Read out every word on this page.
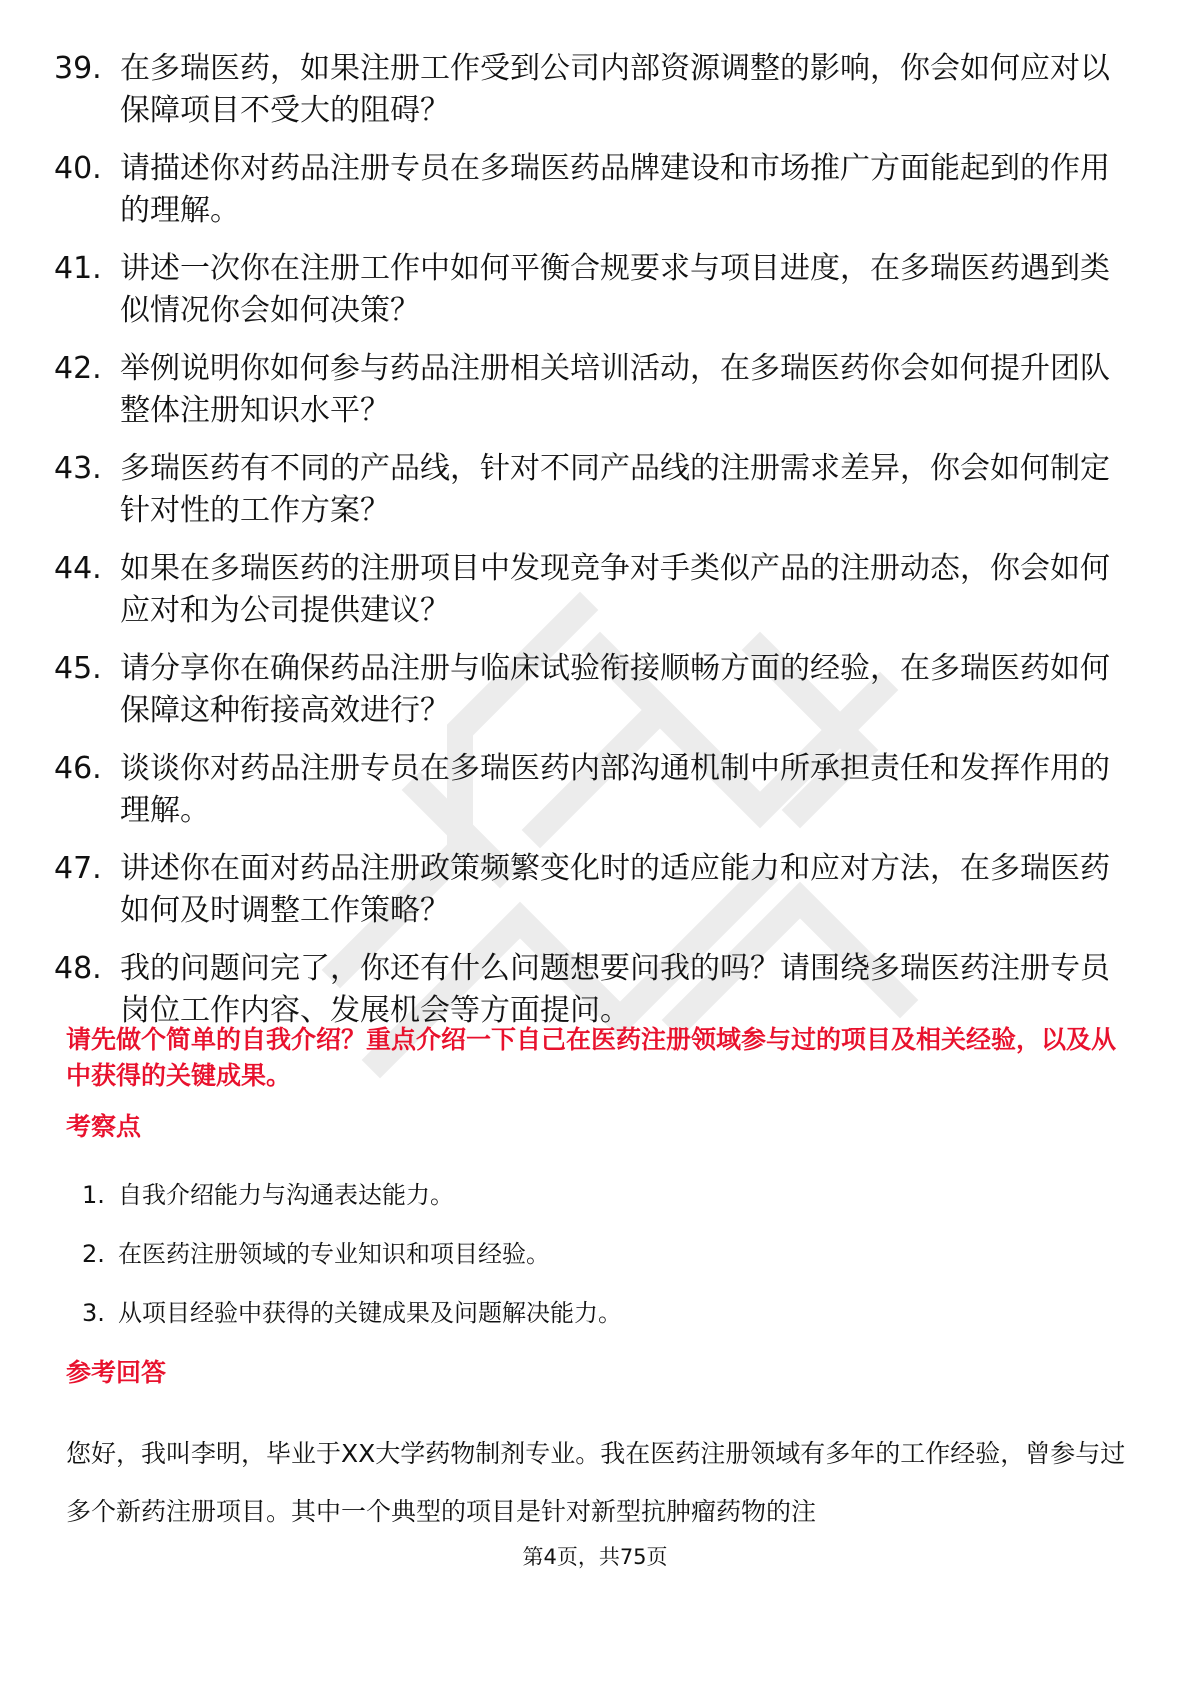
39. 在多瑞医药，如果注册工作受到公司内部资源调整的影响，你会如何应对以保障项目不受大的阻碍？
40. 请描述你对药品注册专员在多瑞医药品牌建设和市场推广方面能起到的作用的理解。
41. 讲述一次你在注册工作中如何平衡合规要求与项目进度，在多瑞医药遇到类似情况你会如何决策？
42. 举例说明你如何参与药品注册相关培训活动，在多瑞医药你会如何提升团队整体注册知识水平？
43. 多瑞医药有不同的产品线，针对不同产品线的注册需求差异，你会如何制定针对性的工作方案？
44. 如果在多瑞医药的注册项目中发现竞争对手类似产品的注册动态，你会如何应对和为公司提供建议？
45. 请分享你在确保药品注册与临床试验衔接顺畅方面的经验，在多瑞医药如何保障这种衔接高效进行？
46. 谈谈你对药品注册专员在多瑞医药内部沟通机制中所承担责任和发挥作用的理解。
47. 讲述你在面对药品注册政策频繁变化时的适应能力和应对方法，在多瑞医药如何及时调整工作策略？
48. 我的问题问完了，你还有什么问题想要问我的吗？请围绕多瑞医药注册专员岗位工作内容、发展机会等方面提问。
请先做个简单的自我介绍？重点介绍一下自己在医药注册领域参与过的项目及相关经验，以及从中获得的关键成果。
考察点
1. 自我介绍能力与沟通表达能力。
2. 在医药注册领域的专业知识和项目经验。
3. 从项目经验中获得的关键成果及问题解决能力。
参考回答
您好，我叫李明，毕业于XX大学药物制剂专业。我在医药注册领域有多年的工作经验，曾参与过多个新药注册项目。其中一个典型的项目是针对新型抗肿瘤药物的注
第4页，共75页
